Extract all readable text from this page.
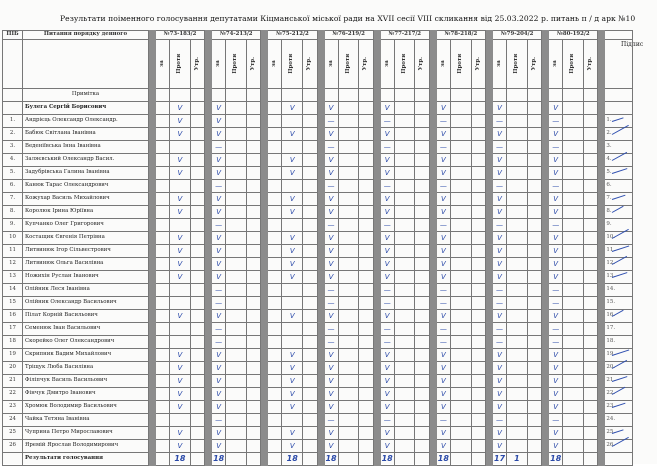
Результати поіменного голосування депутатами Кіцманської міської ради на XVII сесії VIII скликання від 25.03.2022 р. питань п / д арк №10
Підпис
ПІБ	Питання порядку денного		№73-183/2				№74-213/2				№75-212/2				№76-219/2				№77-217/2				№78-218/2				№79-204/2				№80-192/2				

			за	Проти	Утр.		за	Проти	Утр.		за	Проти	Утр.		за	Проти	Утр.		за	Проти	Утр.		за	Проти	Утр.		за	Проти	Утр.		за	Проти	Утр.		

	Примітка																																		
	Булега Сергій Борисович			V			V					V			V				V				V				V				V				
1.	Андрієць Олександр Олександр.			V			V								—				—				—				—				—				1.
2.	Бабюк Світлана Іванівна			V			V					V			V				V				V				V				V				2.
3.	Веденіївська Інна Іванівна						—								—				—				—				—				—				3.
4.	Заляєвський Олександр Васил.			V			V					V			V				V				V				V				V				4.
5.	Задубрівська Галина Іванівна			V			V					V			V				V				V				V				V				5.
6.	Канюк Тарас Олександрович						—								—				—				—				—				—				6.
7.	Кожухар Василь Михайлович			V			V					V			V				V				V				V				V				7.
8.	Королюк Ірина Юріївна			V			V					V			V				V				V				V				V				8.
9.	Купчанко Олег Григорович						—								—				—				—				—				—				9.
10	Костащик Євгенія Петрівна			V			V					V			V				V				V				V				V				10.
11	Литвинюк Ігор Сільвестрович			V			V					V			V				V				V				V				V				11.
12	Литвинюк Ольга Василівна			V			V					V			V				V				V				V				V				12.
13	Ножихін Руслан Іванович			V			V					V			V				V				V				V				V				13.
14	Олійник Леся Іванівна						—								—				—				—				—				—				14.
15	Олійник Олександр Васильович						—								—				—				—				—				—				15.
16	Пілат Корній Васильович			V			V					V			V				V				V				V				V				16.
17	Семенюк Іван Васильович						—								—				—				—				—				—				17.
18	Скорейко Олег Олександрович						—								—				—				—				—				—				18.
19	Скрипник Вадим Михайлович			V			V					V			V				V				V				V				V				19.
20	Тріщук Люба Василівна			V			V					V			V				V				V				V				V				20.
21	Філіпчук Василь Васильович			V			V					V			V				V				V				V				V				21.
22	Фінчук Дмитро Іванович			V			V					V			V				V				V				V				V				22.
23	Хромюк Володимир Васильович			V			V					V			V				V				V				V				V				23.
24	Чайка Тетяна Іванівна						—								—				—				—				—				—				24.
25	Чуприна Петро Мирославович			V			V					V			V				V				V				V				V				25.
26	Яремій Ярослав Володимирович			V			V					V			V				V				V				V				V				26.
	Результати голосування			18			18					18			18				18				18				17	1			18				
